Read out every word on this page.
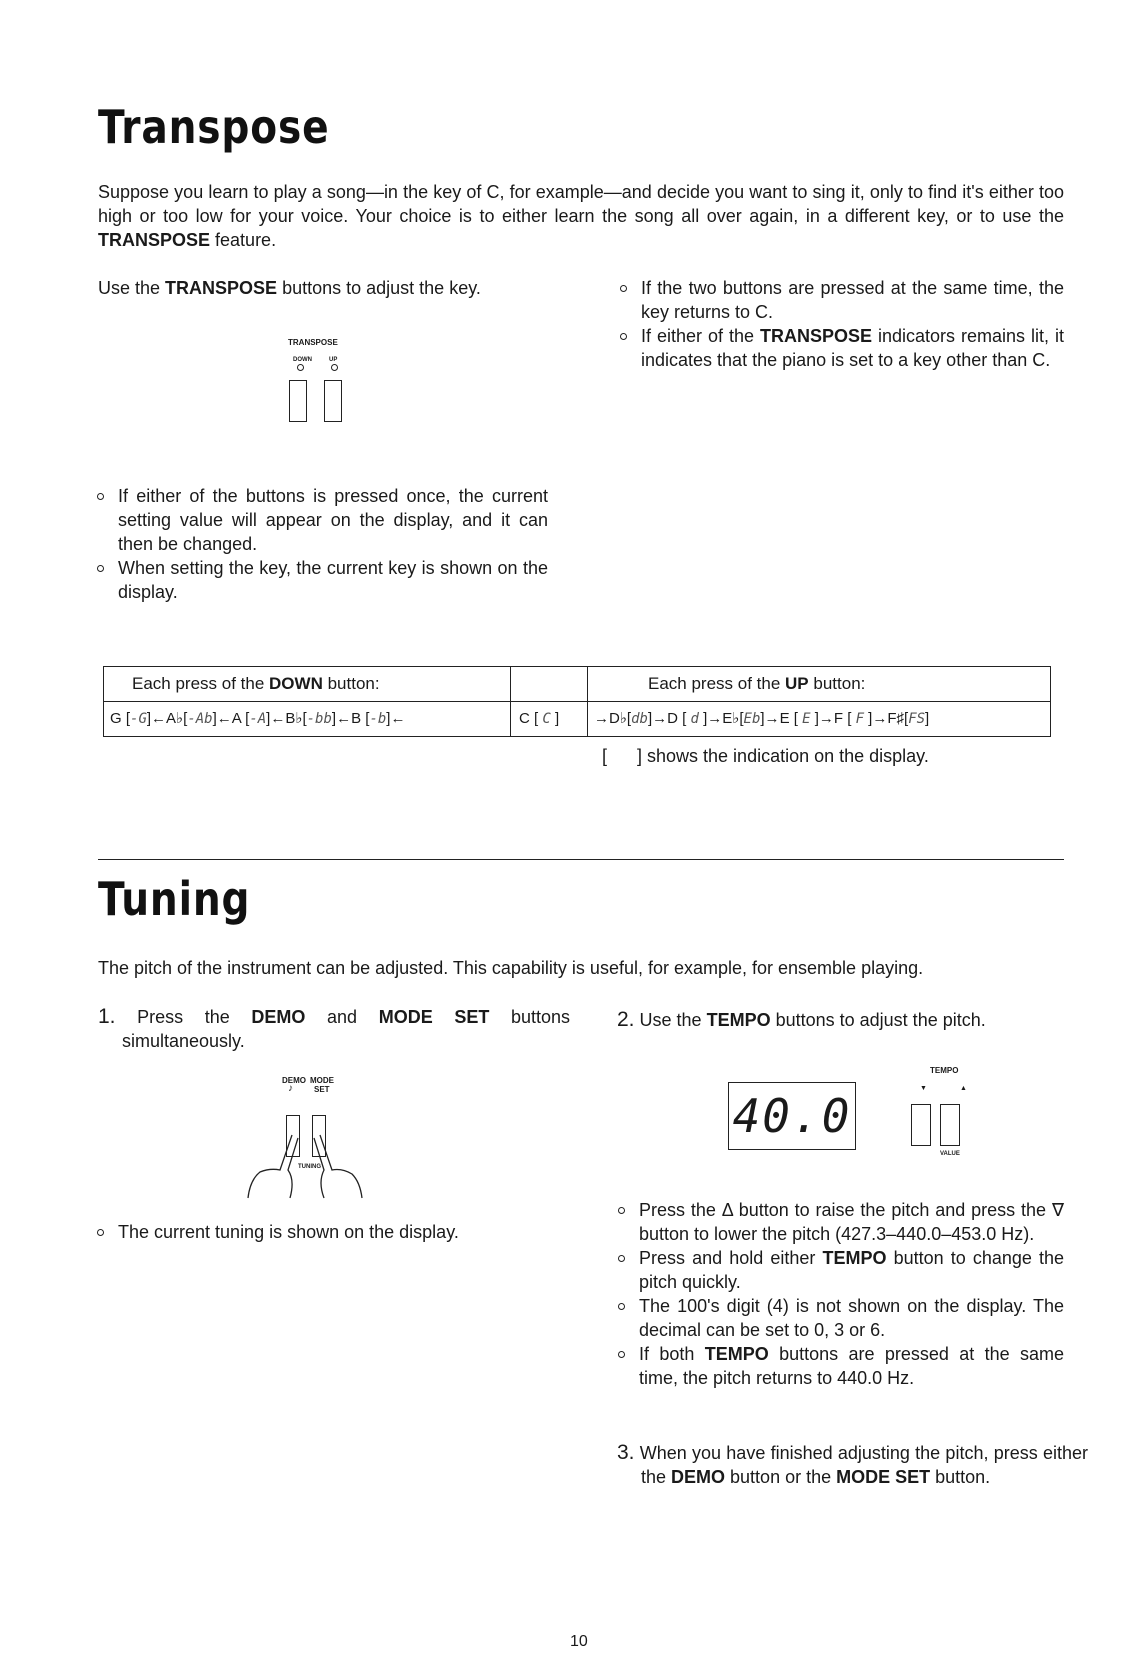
Transpose
Suppose you learn to play a song—in the key of C, for example—and decide you want to sing it, only to find it's either too high or too low for your voice. Your choice is to either learn the song all over again, in a different key, or to use the TRANSPOSE feature.
Use the TRANSPOSE buttons to adjust the key.
TRANSPOSE
DOWN	UP
If the two buttons are pressed at the same time, the key returns to C.
If either of the TRANSPOSE indicators remains lit, it indicates that the piano is set to a key other than C.
If either of the buttons is pressed once, the current setting value will appear on the display, and it can then be changed.
When setting the key, the current key is shown on the display.
Each press of the DOWN button:		Each press of the UP button:
G [-G]←A♭[-Ab]←A [-A]←B♭[-bb]←B [-b]←	C [ C ]	→D♭[db]→D [ d ]→E♭[Eb]→E [ E ]→F [ F ]→F♯[FS]
[      ] shows the indication on the display.
Tuning
The pitch of the instrument can be adjusted. This capability is useful, for example, for ensemble playing.
1. Press the DEMO and MODE SET buttons simultaneously.
DEMO
♪
MODE
SET
TUNING
The current tuning is shown on the display.
2. Use the TEMPO buttons to adjust the pitch.
40.0
TEMPO
▼	▲
VALUE
Press the Δ button to raise the pitch and press the ∇ button to lower the pitch (427.3–440.0–453.0 Hz).
Press and hold either TEMPO button to change the pitch quickly.
The 100's digit (4) is not shown on the display. The decimal can be set to 0, 3 or 6.
If both TEMPO buttons are pressed at the same time, the pitch returns to 440.0 Hz.
3. When you have finished adjusting the pitch, press either the DEMO button or the MODE SET button.
10
